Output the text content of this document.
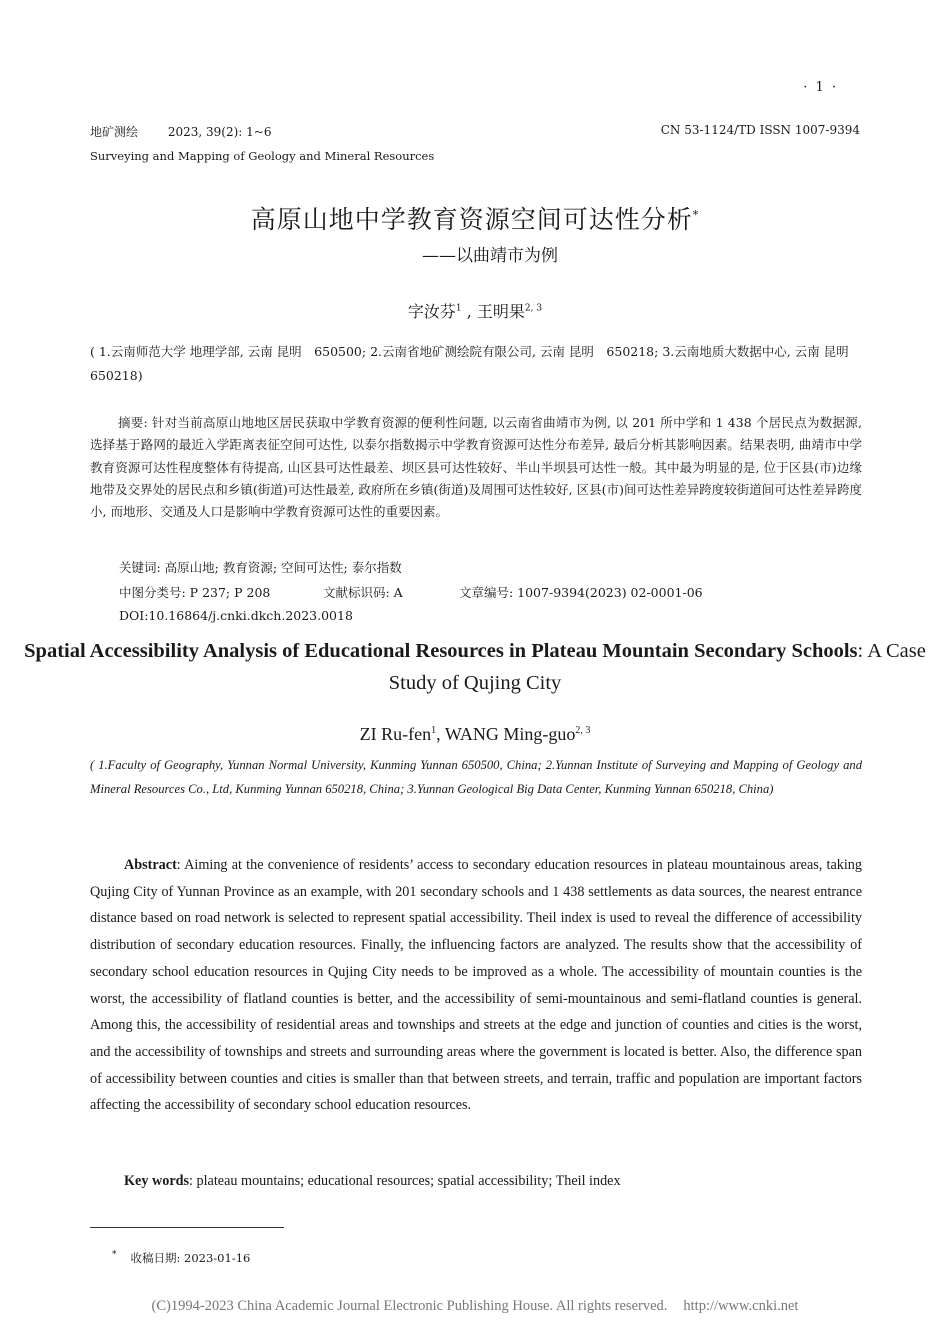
· 1 ·
地矿测绘 2023, 39(2): 1~6	CN 53-1124/TD ISSN 1007-9394
Surveying and Mapping of Geology and Mineral Resources
高原山地中学教育资源空间可达性分析*
——以曲靖市为例
字汝芬$^1$ , 王明果$^{2, 3}$
( 1.云南师范大学 地理学部, 云南 昆明　650500; 2.云南省地矿测绘院有限公司, 云南 昆明　650218; 3.云南地质大数据中心, 云南 昆明　650218)

摘要: 针对当前高原山地地区居民获取中学教育资源的便利性问题, 以云南省曲靖市为例, 以 201 所中学和 1 438 个居民点为数据源, 选择基于路网的最近入学距离表征空间可达性, 以泰尔指数揭示中学教育资源可达性分布差异, 最后分析其影响因素。结果表明, 曲靖市中学教育资源可达性程度整体有待提高, 山区县可达性最差、坝区县可达性较好、半山半坝县可达性一般。其中最为明显的是, 位于区县(市)边缘地带及交界处的居民点和乡镇(街道)可达性最差, 政府所在乡镇(街道)及周围可达性较好, 区县(市)间可达性差异跨度较街道间可达性差异跨度小, 而地形、交通及人口是影响中学教育资源可达性的重要因素。

关键词: 高原山地; 教育资源; 空间可达性; 泰尔指数
中图分类号: P 237; P 208	文献标识码: A	文章编号: 1007-9394(2023) 02-0001-06
DOI:10.16864/j.cnki.dkch.2023.0018
Spatial Accessibility Analysis of Educational Resources in Plateau Mountain Secondary Schools: A Case Study of Qujing City
ZI Ru-fen$^1$, WANG Ming-guo$^{2, 3}$
( 1.Faculty of Geography, Yunnan Normal University, Kunming Yunnan 650500, China; 2.Yunnan Institute of Surveying and Mapping of Geology and Mineral Resources Co., Ltd, Kunming Yunnan 650218, China; 3.Yunnan Geological Big Data Center, Kunming Yunnan 650218, China)

Abstract: Aiming at the convenience of residents’ access to secondary education resources in plateau mountainous areas, taking Qujing City of Yunnan Province as an example, with 201 secondary schools and 1 438 settlements as data sources, the nearest entrance distance based on road network is selected to represent spatial accessibility. Theil index is used to reveal the difference of accessibility distribution of secondary education resources. Finally, the influencing factors are analyzed. The results show that the accessibility of secondary school education resources in Qujing City needs to be improved as a whole. The accessibility of mountain counties is the worst, the accessibility of flatland counties is better, and the accessibility of semi-mountainous and semi-flatland counties is general. Among this, the accessibility of residential areas and townships and streets at the edge and junction of counties and cities is the worst, and the accessibility of townships and streets and surrounding areas where the government is located is better. Also, the difference span of accessibility between counties and cities is smaller than that between streets, and terrain, traffic and population are important factors affecting the accessibility of secondary school education resources.

Key words: plateau mountains; educational resources; spatial accessibility; Theil index
* 收稿日期: 2023-01-16
(C)1994-2023 China Academic Journal Electronic Publishing House. All rights reserved. http://www.cnki.net
